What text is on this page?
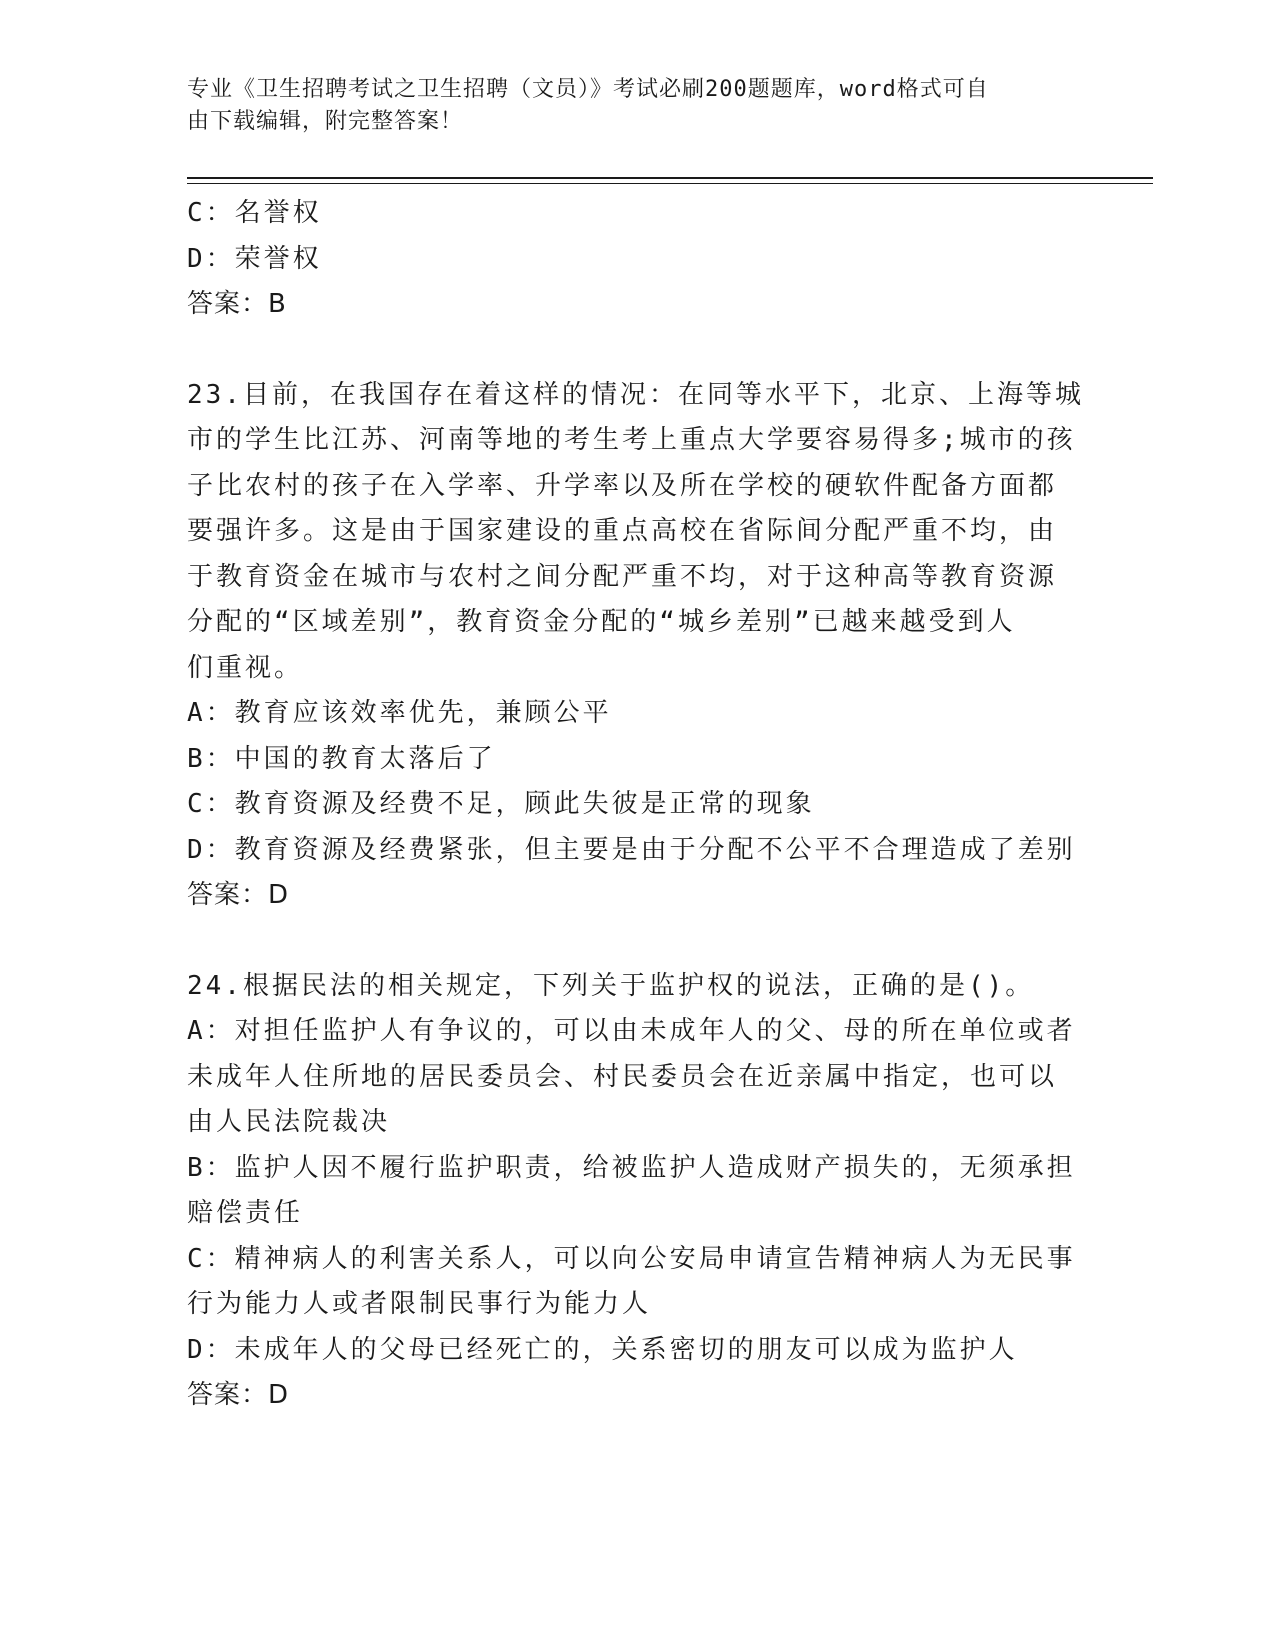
专业《卫生招聘考试之卫生招聘（文员）》考试必刷200题题库，word格式可自
由下载编辑，附完整答案！
C：名誉权
D：荣誉权
答案：B
23.目前，在我国存在着这样的情况：在同等水平下，北京、上海等城
市的学生比江苏、河南等地的考生考上重点大学要容易得多;城市的孩
子比农村的孩子在入学率、升学率以及所在学校的硬软件配备方面都
要强许多。这是由于国家建设的重点高校在省际间分配严重不均，由
于教育资金在城市与农村之间分配严重不均，对于这种高等教育资源
分配的“区域差别”，教育资金分配的“城乡差别”已越来越受到人
们重视。
A：教育应该效率优先，兼顾公平
B：中国的教育太落后了
C：教育资源及经费不足，顾此失彼是正常的现象
D：教育资源及经费紧张，但主要是由于分配不公平不合理造成了差别
答案：D
24.根据民法的相关规定，下列关于监护权的说法，正确的是()。
A：对担任监护人有争议的，可以由未成年人的父、母的所在单位或者
未成年人住所地的居民委员会、村民委员会在近亲属中指定，也可以
由人民法院裁决
B：监护人因不履行监护职责，给被监护人造成财产损失的，无须承担
赔偿责任
C：精神病人的利害关系人，可以向公安局申请宣告精神病人为无民事
行为能力人或者限制民事行为能力人
D：未成年人的父母已经死亡的，关系密切的朋友可以成为监护人
答案：D
